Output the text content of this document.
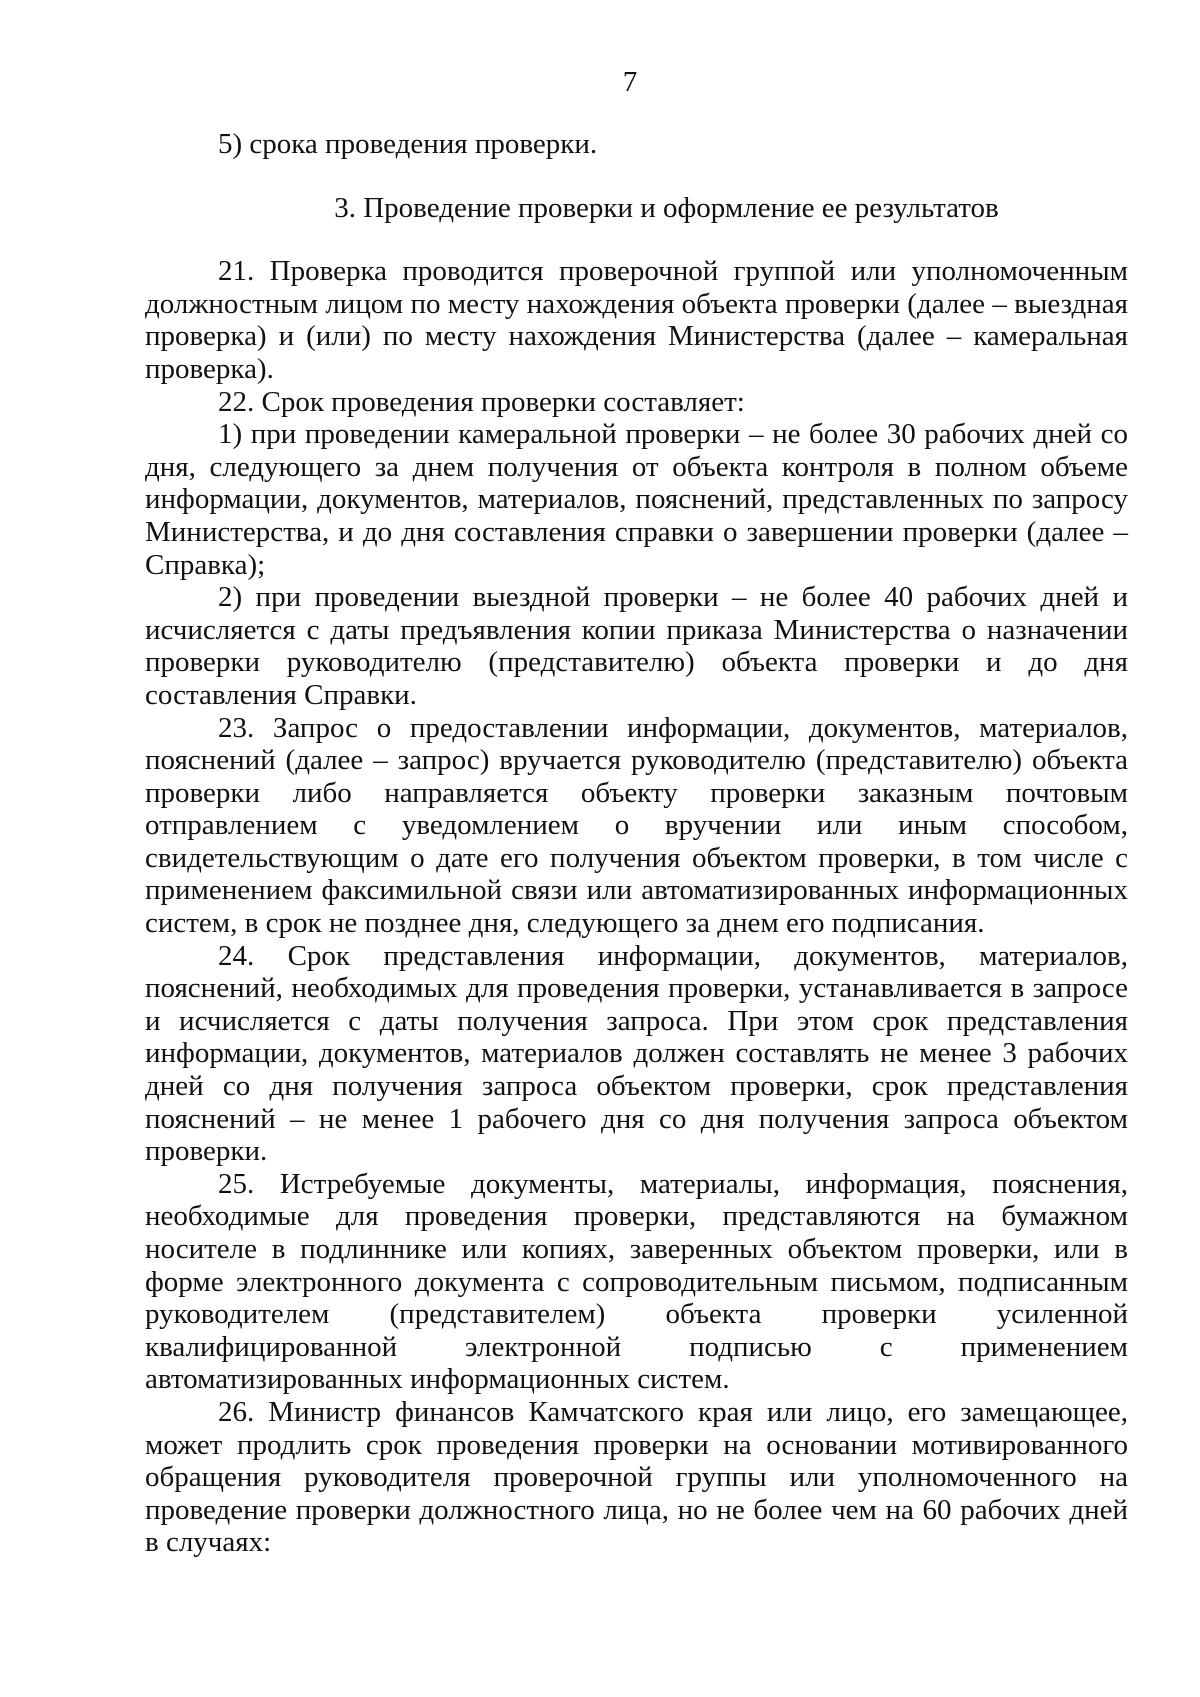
7

5) срока проведения проверки.

3. Проведение проверки и оформление ее результатов

21. Проверка проводится проверочной группой или уполномоченным должностным лицом по месту нахождения объекта проверки (далее – выездная проверка) и (или) по месту нахождения Министерства (далее – камеральная проверка).

22. Срок проведения проверки составляет:

1) при проведении камеральной проверки – не более 30 рабочих дней со дня, следующего за днем получения от объекта контроля в полном объеме информации, документов, материалов, пояснений, представленных по запросу Министерства, и до дня составления справки о завершении проверки (далее – Справка);

2) при проведении выездной проверки – не более 40 рабочих дней и исчисляется с даты предъявления копии приказа Министерства о назначении проверки руководителю (представителю) объекта проверки и до дня составления Справки.

23. Запрос о предоставлении информации, документов, материалов, пояснений (далее – запрос) вручается руководителю (представителю) объекта проверки либо направляется объекту проверки заказным почтовым отправлением с уведомлением о вручении или иным способом, свидетельствующим о дате его получения объектом проверки, в том числе с применением факсимильной связи или автоматизированных информационных систем, в срок не позднее дня, следующего за днем его подписания.

24. Срок представления информации, документов, материалов, пояснений, необходимых для проведения проверки, устанавливается в запросе и исчисляется с даты получения запроса. При этом срок представления информации, документов, материалов должен составлять не менее 3 рабочих дней со дня получения запроса объектом проверки, срок представления пояснений – не менее 1 рабочего дня со дня получения запроса объектом проверки.

25. Истребуемые документы, материалы, информация, пояснения, необходимые для проведения проверки, представляются на бумажном носителе в подлиннике или копиях, заверенных объектом проверки, или в форме электронного документа с сопроводительным письмом, подписанным руководителем (представителем) объекта проверки усиленной квалифицированной электронной подписью с применением автоматизированных информационных систем.

26. Министр финансов Камчатского края или лицо, его замещающее, может продлить срок проведения проверки на основании мотивированного обращения руководителя проверочной группы или уполномоченного на проведение проверки должностного лица, но не более чем на 60 рабочих дней в случаях:
